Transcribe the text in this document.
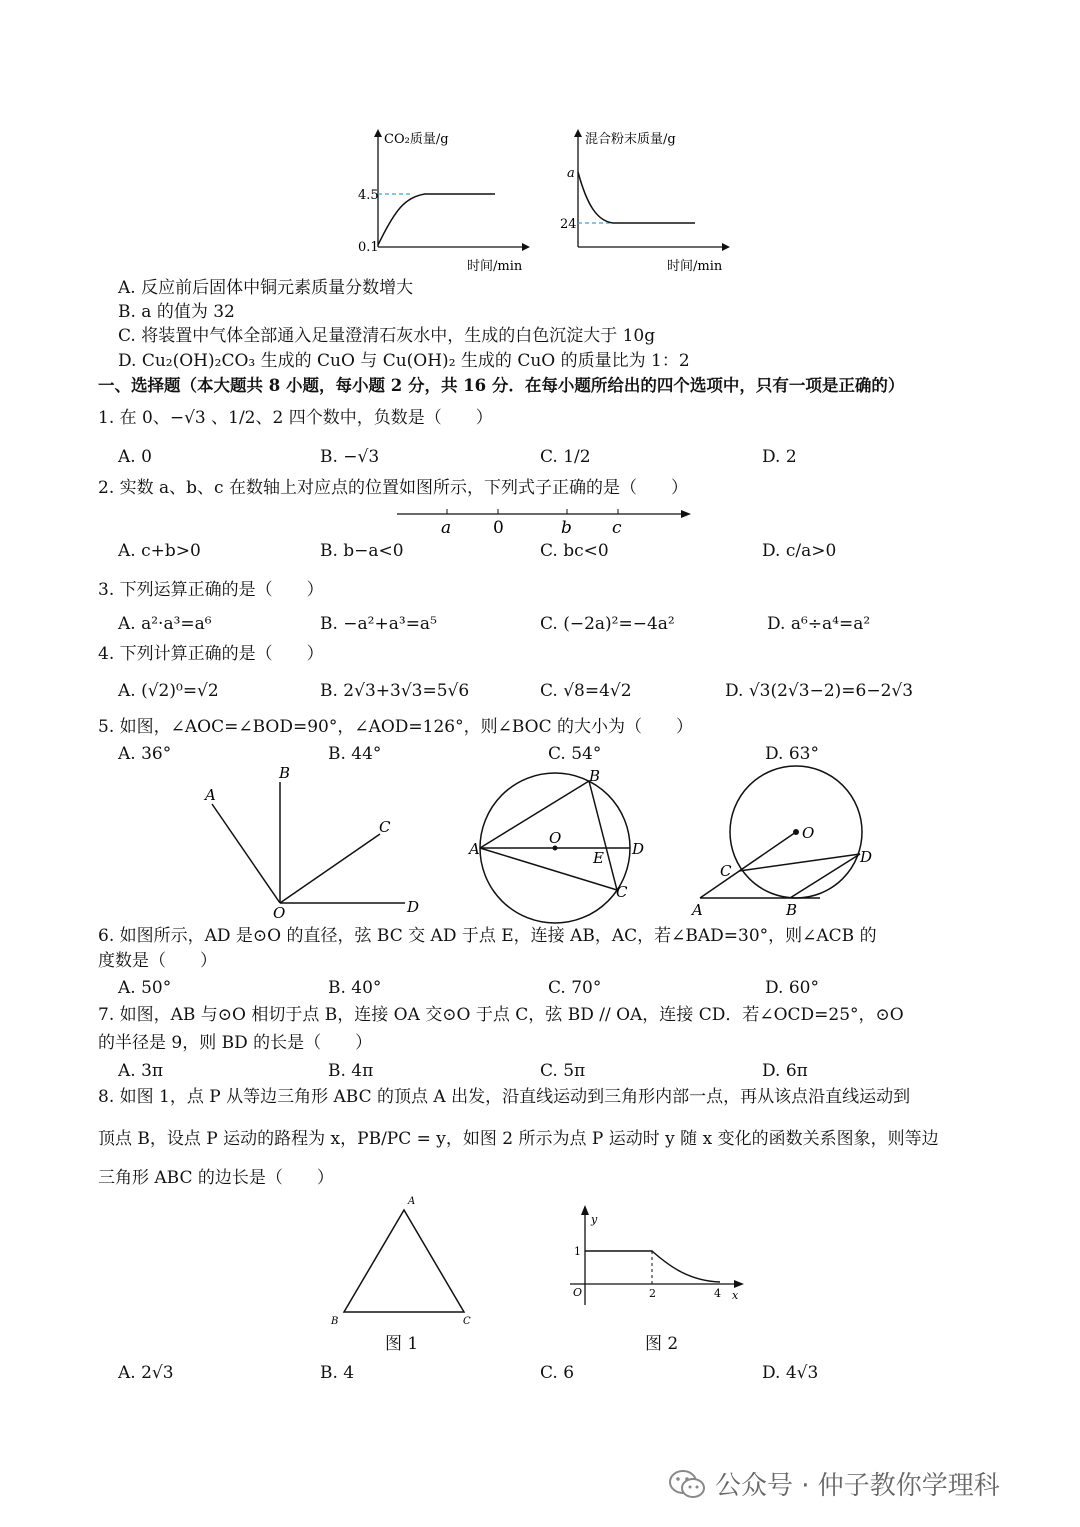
CO₂质量/g
4.5
0.1
时间/min
混合粉末质量/g
a
24
时间/min
A. 反应前后固体中铜元素质量分数增大
B. a 的值为 32
C. 将装置中气体全部通入足量澄清石灰水中，生成的白色沉淀大于 10g
D. Cu₂(OH)₂CO₃ 生成的 CuO 与 Cu(OH)₂ 生成的 CuO 的质量比为 1：2
一、选择题（本大题共 8 小题，每小题 2 分，共 16 分．在每小题所给出的四个选项中，只有一项是正确的）
1. 在 0、−√3 、1/2、2 四个数中，负数是（　　）
A. 0	B. −√3	C. 1/2	D. 2
2. 实数 a、b、c 在数轴上对应点的位置如图所示，下列式子正确的是（　　）
a 0	b c
A. c+b>0	B. b−a<0	C. bc<0	D. c/a>0
3. 下列运算正确的是（　　）
A. a²·a³=a⁶	B. −a²+a³=a⁵	C. (−2a)²=−4a²	D. a⁶÷a⁴=a²
4. 下列计算正确的是（　　）
A. (√2)⁰=√2	B. 2√3+3√3=5√6	C. √8=4√2	D. √3(2√3−2)=6−2√3
5. 如图，∠AOC=∠BOD=90°，∠AOD=126°，则∠BOC 的大小为（　　）
A. 36°	B. 44°	C. 54°	D. 63°
A
B
C
D
O
A
B
C
D
E
O
A	B
C
D
O
6. 如图所示，AD 是⊙O 的直径，弦 BC 交 AD 于点 E，连接 AB，AC，若∠BAD=30°，则∠ACB 的
度数是（　　）
A. 50°	B. 40°	C. 70°	D. 60°
7. 如图，AB 与⊙O 相切于点 B，连接 OA 交⊙O 于点 C，弦 BD // OA，连接 CD．若∠OCD=25°，⊙O
的半径是 9，则 BD 的长是（　　）
A. 3π	B. 4π	C. 5π	D. 6π
8. 如图 1，点 P 从等边三角形 ABC 的顶点 A 出发，沿直线运动到三角形内部一点，再从该点沿直线运动到
顶点 B，设点 P 运动的路程为 x，PB/PC = y，如图 2 所示为点 P 运动时 y 随 x 变化的函数关系图象，则等边
三角形 ABC 的边长是（　　）
A
B	C
图 1
y
1
O	2	4 x
图 2
A. 2√3	B. 4	C. 6	D. 4√3
公众号 · 仲子教你学理科
